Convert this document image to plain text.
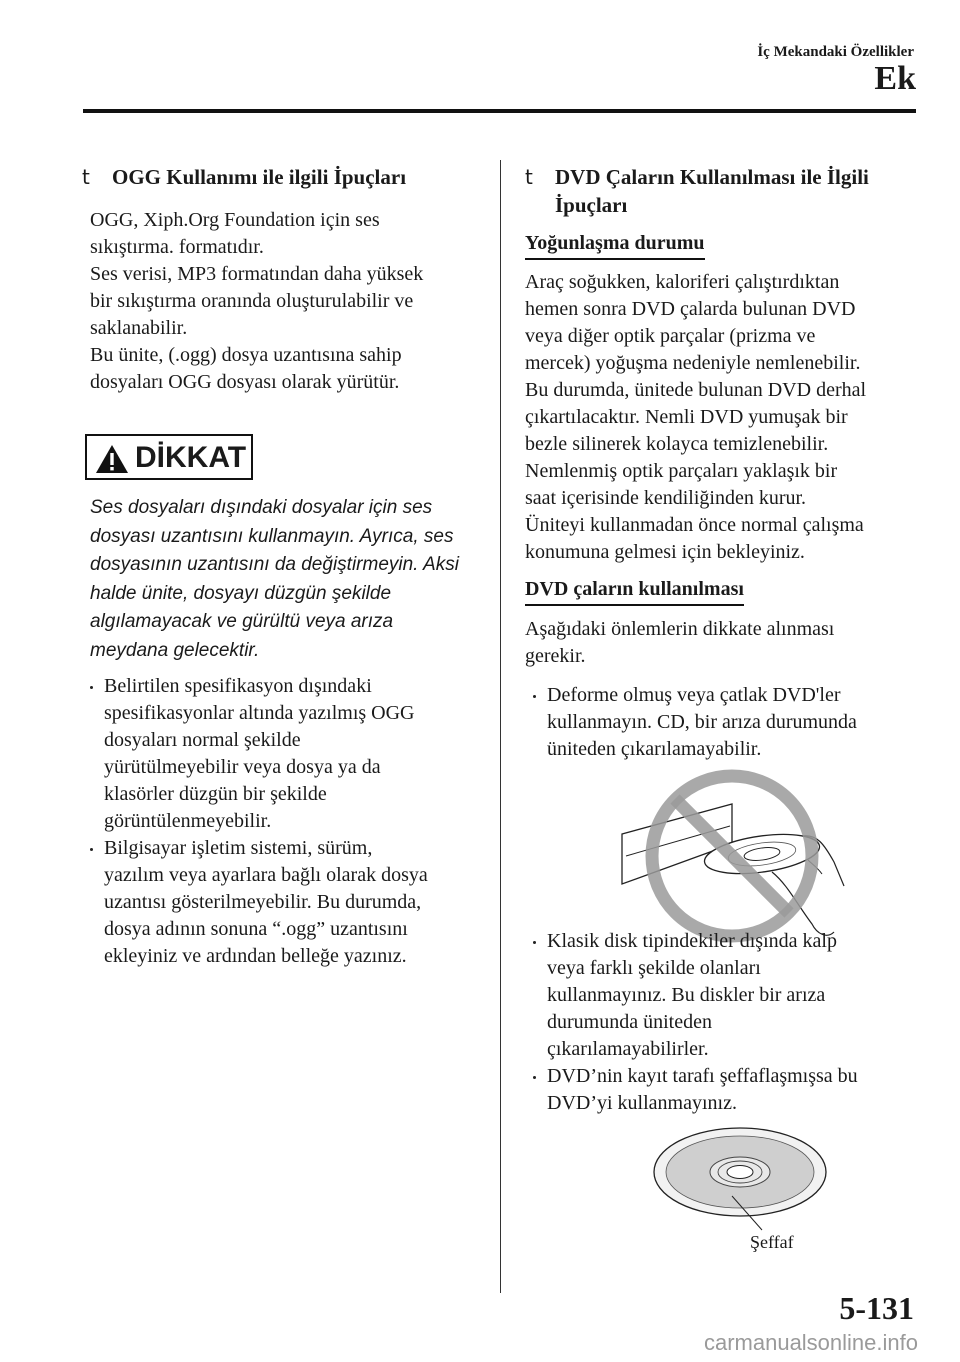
İç Mekandaki Özellikler
Ek
t OGG Kullanımı ile ilgili İpuçları
OGG, Xiph.Org Foundation için ses
sıkıştırma. formatıdır.
Ses verisi, MP3 formatından daha yüksek
bir sıkıştırma oranında oluşturulabilir ve
saklanabilir.
Bu ünite, (.ogg) dosya uzantısına sahip
dosyaları OGG dosyası olarak yürütür.
DİKKAT
Ses dosyaları dışındaki dosyalar için ses
dosyası uzantısını kullanmayın. Ayrıca, ses
dosyasının uzantısını da değiştirmeyin. Aksi
halde ünite, dosyayı düzgün şekilde
algılamayacak ve gürültü veya arıza
meydana gelecektir.
Belirtilen spesifikasyon dışındaki
spesifikasyonlar altında yazılmış OGG
dosyaları normal şekilde
yürütülmeyebilir veya dosya ya da
klasörler düzgün bir şekilde
görüntülenmeyebilir.
Bilgisayar işletim sistemi, sürüm,
yazılım veya ayarlara bağlı olarak dosya
uzantısı gösterilmeyebilir. Bu durumda,
dosya adının sonuna “.ogg” uzantısını
ekleyiniz ve ardından belleğe yazınız.
t DVD Çaların Kullanılması ile İlgili
İpuçları
Yoğunlaşma durumu
Araç soğukken, kaloriferi çalıştırdıktan
hemen sonra DVD çalarda bulunan DVD
veya diğer optik parçalar (prizma ve
mercek) yoğuşma nedeniyle nemlenebilir.
Bu durumda, ünitede bulunan DVD derhal
çıkartılacaktır. Nemli DVD yumuşak bir
bezle silinerek kolayca temizlenebilir.
Nemlenmiş optik parçaları yaklaşık bir
saat içerisinde kendiliğinden kurur.
Üniteyi kullanmadan önce normal çalışma
konumuna gelmesi için bekleyiniz.
DVD çaların kullanılması
Aşağıdaki önlemlerin dikkate alınması
gerekir.
Deforme olmuş veya çatlak DVD'ler
kullanmayın. CD, bir arıza durumunda
üniteden çıkarılamayabilir.
Klasik disk tipindekiler dışında kalp
veya farklı şekilde olanları
kullanmayınız. Bu diskler bir arıza
durumunda üniteden
çıkarılamayabilirler.
DVD’nin kayıt tarafı şeffaflaşmışsa bu
DVD’yi kullanmayınız.
Şeffaf
5-131
carmanualsonline.info
